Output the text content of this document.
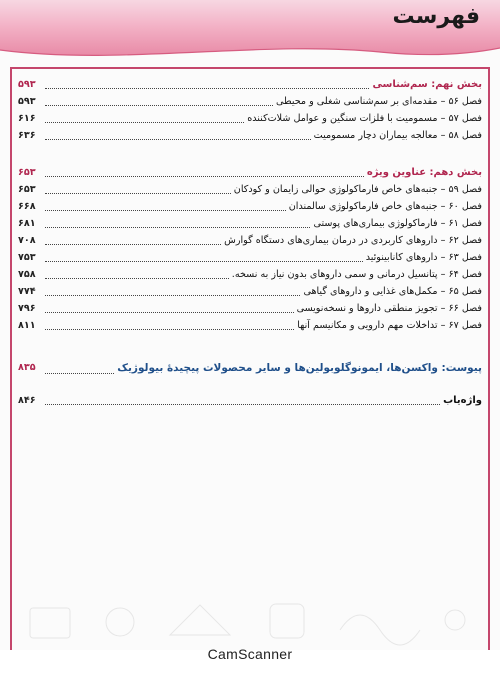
فهرست
بخش نهم: سم‌شناسی
۵۹۳
فصل ۵۶ – مقدمه‌ای بر سم‌شناسی شغلی و محیطی
۵۹۳
فصل ۵۷ – مسمومیت با فلزات سنگین و عوامل شلات‌کننده
۶۱۶
فصل ۵۸ – معالجه بیماران دچار مسمومیت
۶۳۶
بخش دهم: عناوین ویژه
۶۵۳
فصل ۵۹ – جنبه‌های خاص فارماکولوژی حوالی زایمان و کودکان
۶۵۳
فصل ۶۰ – جنبه‌های خاص فارماکولوژی سالمندان
۶۶۸
فصل ۶۱ – فارماکولوژی بیماری‌های پوستی
۶۸۱
فصل ۶۲ – داروهای کاربردی در درمان بیماری‌های دستگاه گوارش
۷۰۸
فصل ۶۳ – داروهای کانابینوئید
۷۵۳
فصل ۶۴ – پتانسیل درمانی و سمی داروهای بدون نیاز به نسخه.
۷۵۸
فصل ۶۵ – مکمل‌های غذایی و داروهای گیاهی
۷۷۴
فصل ۶۶ – تجویز منطقی داروها و نسخه‌نویسی
۷۹۶
فصل ۶۷ – تداخلات مهم دارویی و مکانیسم آنها
۸۱۱
پیوست: واکسن‌ها، ایمونوگلوبولین‌ها و سایر محصولات پیچیدهٔ بیولوژیک
۸۳۵
واژه‌یاب
۸۴۶
CamScanner
